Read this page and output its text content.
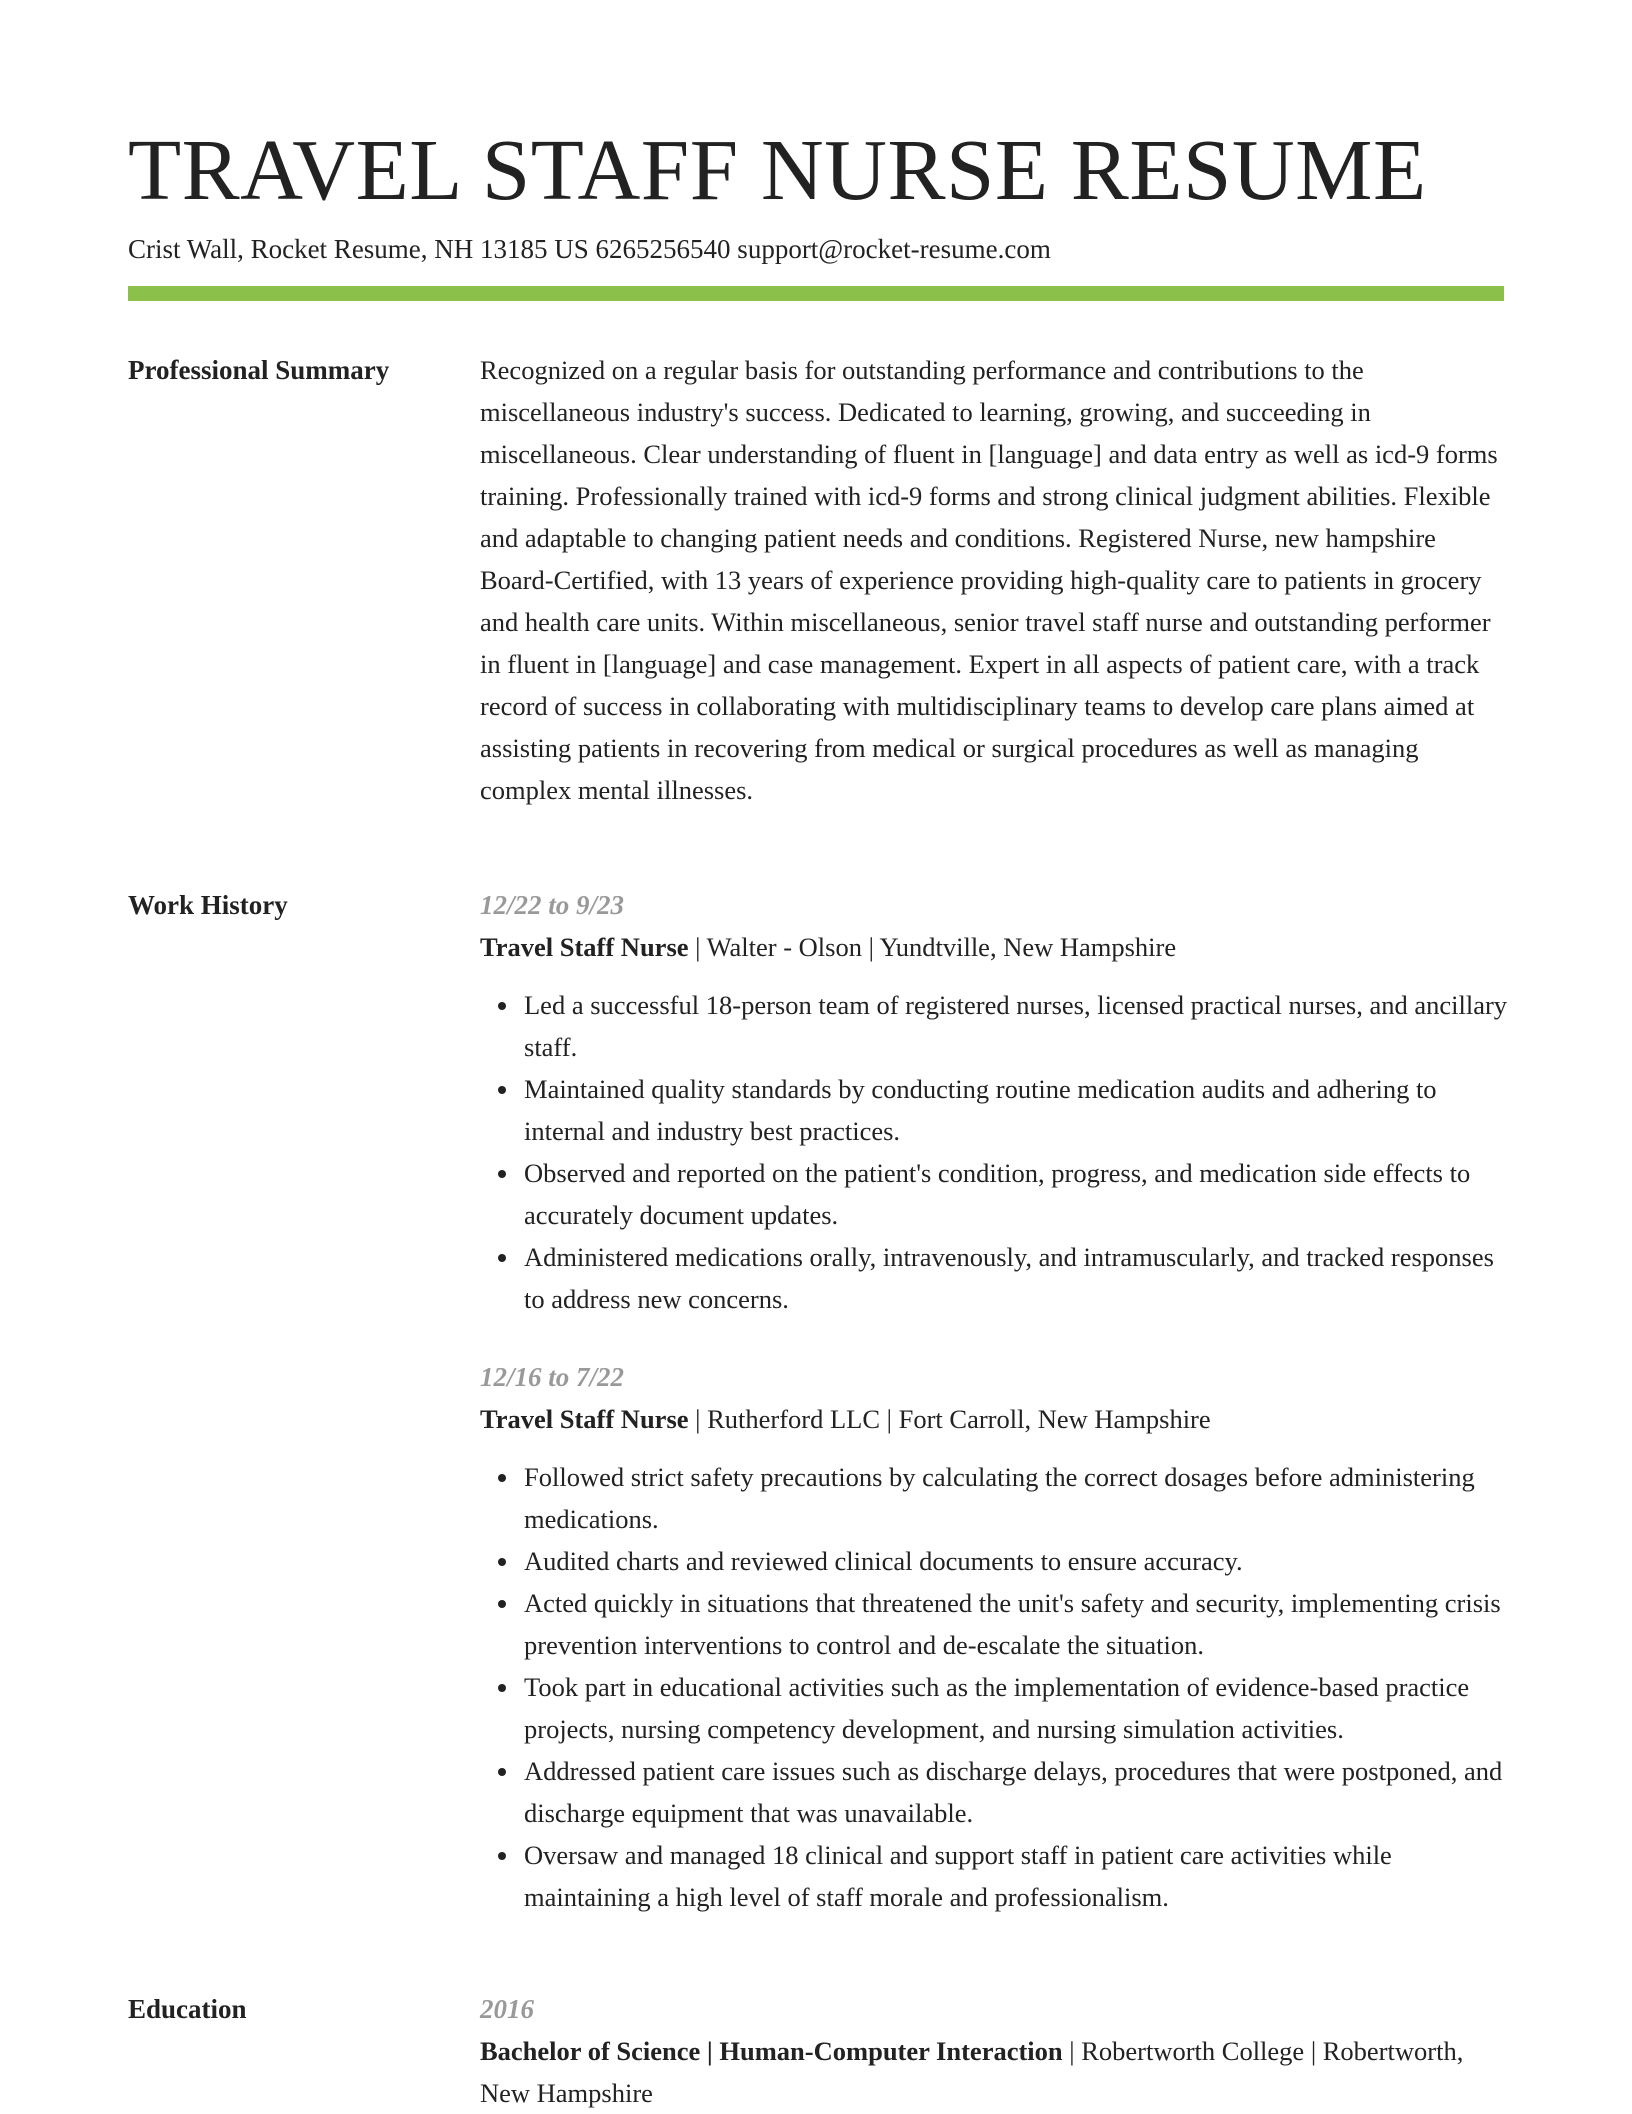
TRAVEL STAFF NURSE RESUME
Crist Wall, Rocket Resume, NH 13185 US 6265256540 support@rocket-resume.com
Professional Summary	Recognized on a regular basis for outstanding performance and contributions to the miscellaneous industry's success. Dedicated to learning, growing, and succeeding in miscellaneous. Clear understanding of fluent in [language] and data entry as well as icd-9 forms training. Professionally trained with icd-9 forms and strong clinical judgment abilities. Flexible and adaptable to changing patient needs and conditions. Registered Nurse, new hampshire Board-Certified, with 13 years of experience providing high-quality care to patients in grocery and health care units. Within miscellaneous, senior travel staff nurse and outstanding performer in fluent in [language] and case management. Expert in all aspects of patient care, with a track record of success in collaborating with multidisciplinary teams to develop care plans aimed at assisting patients in recovering from medical or surgical procedures as well as managing complex mental illnesses.

Work History	12/22 to 9/23

Travel Staff Nurse | Walter - Olson | Yundtville, New Hampshire

Led a successful 18-person team of registered nurses, licensed practical nurses, and ancillary staff.
Maintained quality standards by conducting routine medication audits and adhering to internal and industry best practices.
Observed and reported on the patient's condition, progress, and medication side effects to accurately document updates.
Administered medications orally, intravenously, and intramuscularly, and tracked responses to address new concerns.

12/16 to 7/22

Travel Staff Nurse | Rutherford LLC | Fort Carroll, New Hampshire

Followed strict safety precautions by calculating the correct dosages before administering medications.
Audited charts and reviewed clinical documents to ensure accuracy.
Acted quickly in situations that threatened the unit's safety and security, implementing crisis prevention interventions to control and de-escalate the situation.
Took part in educational activities such as the implementation of evidence-based practice projects, nursing competency development, and nursing simulation activities.
Addressed patient care issues such as discharge delays, procedures that were postponed, and discharge equipment that was unavailable.
Oversaw and managed 18 clinical and support staff in patient care activities while maintaining a high level of staff morale and professionalism.
Education	2016

Bachelor of Science | Human-Computer Interaction | Robertworth College | Robertworth, New Hampshire
